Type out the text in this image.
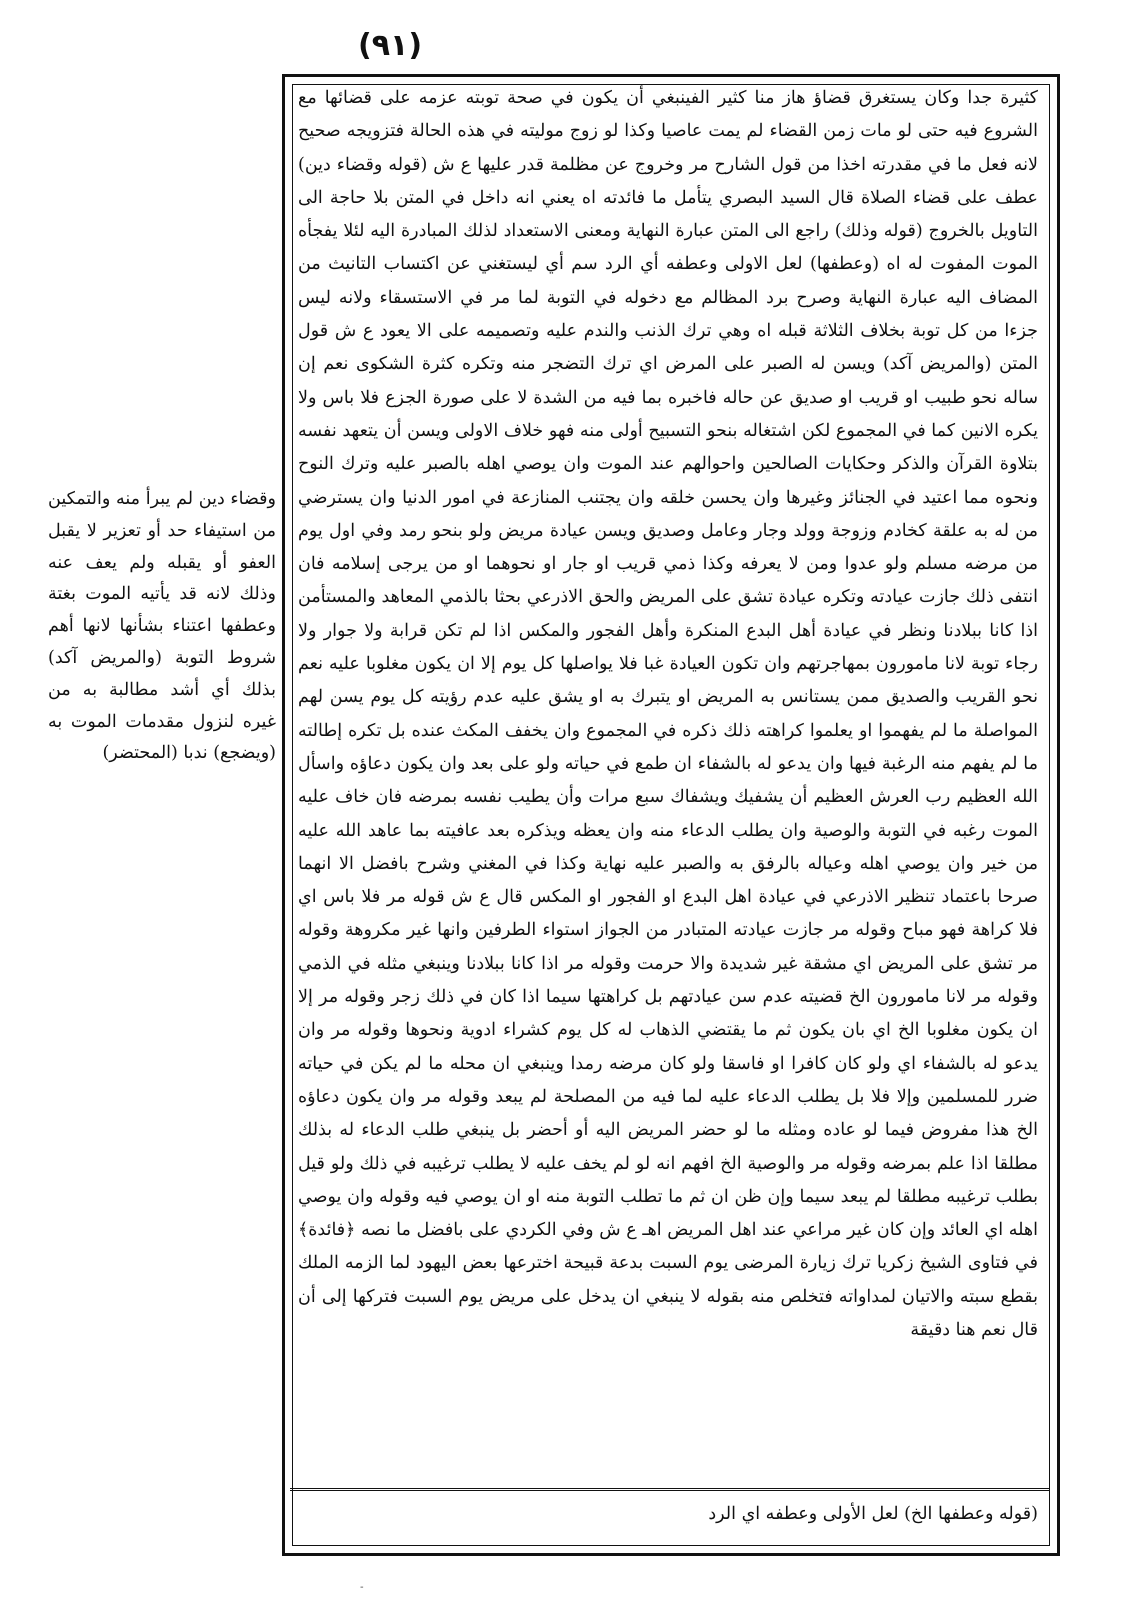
(٩١)

كثيرة جدا وكان يستغرق قضاؤ هاز منا كثير الفينبغي أن يكون في صحة توبته عزمه على قضائها مع الشروع فيه حتى لو مات زمن القضاء لم يمت عاصيا وكذا لو زوج موليته في هذه الحالة فتزويجه صحيح لانه فعل ما في مقدرته اخذا من قول الشارح مر وخروج عن مظلمة قدر عليها ع ش (قوله وقضاء دين) عطف على قضاء الصلاة قال السيد البصري يتأمل ما فائدته اه يعني انه داخل في المتن بلا حاجة الى التاويل بالخروج (قوله وذلك) راجع الى المتن عبارة النهاية ومعنى الاستعداد لذلك المبادرة اليه لئلا يفجأه الموت المفوت له اه (وعطفها) لعل الاولى وعطفه أي الرد سم أي ليستغني عن اكتساب التانيث من المضاف اليه عبارة النهاية وصرح برد المظالم مع دخوله في التوبة لما مر في الاستسقاء ولانه ليس جزءا من كل توبة بخلاف الثلاثة قبله اه وهي ترك الذنب والندم عليه وتصميمه على الا يعود ع ش قول المتن (والمريض آكد) ويسن له الصبر على المرض اي ترك التضجر منه وتكره كثرة الشكوى نعم إن ساله نحو طبيب او قريب او صديق عن حاله فاخبره بما فيه من الشدة لا على صورة الجزع فلا باس ولا يكره الانين كما في المجموع لكن اشتغاله بنحو التسبيح أولى منه فهو خلاف الاولى ويسن أن يتعهد نفسه بتلاوة القرآن والذكر وحكايات الصالحين واحوالهم عند الموت وان يوصي اهله بالصبر عليه وترك النوح ونحوه مما اعتيد في الجنائز وغيرها وان يحسن خلقه وان يجتنب المنازعة في امور الدنيا وان يسترضي من له به علقة كخادم وزوجة وولد وجار وعامل وصديق ويسن عيادة مريض ولو بنحو رمد وفي اول يوم من مرضه مسلم ولو عدوا ومن لا يعرفه وكذا ذمي قريب او جار او نحوهما او من يرجى إسلامه فان انتفى ذلك جازت عيادته وتكره عيادة تشق على المريض والحق الاذرعي بحثا بالذمي المعاهد والمستأمن اذا كانا ببلادنا ونظر في عيادة أهل البدع المنكرة وأهل الفجور والمكس اذا لم تكن قرابة ولا جوار ولا رجاء توبة لانا مامورون بمهاجرتهم وان تكون العيادة غبا فلا يواصلها كل يوم إلا ان يكون مغلوبا عليه نعم نحو القريب والصديق ممن يستانس به المريض او يتبرك به او يشق عليه عدم رؤيته كل يوم يسن لهم المواصلة ما لم يفهموا او يعلموا كراهته ذلك ذكره في المجموع وان يخفف المكث عنده بل تكره إطالته ما لم يفهم منه الرغبة فيها وان يدعو له بالشفاء ان طمع في حياته ولو على بعد وان يكون دعاؤه واسأل الله العظيم رب العرش العظيم أن يشفيك ويشفاك سبع مرات وأن يطيب نفسه بمرضه فان خاف عليه الموت رغبه في التوبة والوصية وان يطلب الدعاء منه وان يعظه ويذكره بعد عافيته بما عاهد الله عليه من خير وان يوصي اهله وعياله بالرفق به والصبر عليه نهاية وكذا في المغني وشرح بافضل الا انهما صرحا باعتماد تنظير الاذرعي في عيادة اهل البدع او الفجور او المكس قال ع ش قوله مر فلا باس اي فلا كراهة فهو مباح وقوله مر جازت عيادته المتبادر من الجواز استواء الطرفين وانها غير مكروهة وقوله مر تشق على المريض اي مشقة غير شديدة والا حرمت وقوله مر اذا كانا ببلادنا وينبغي مثله في الذمي وقوله مر لانا مامورون الخ قضيته عدم سن عيادتهم بل كراهتها سيما اذا كان في ذلك زجر وقوله مر إلا ان يكون مغلوبا الخ اي بان يكون ثم ما يقتضي الذهاب له كل يوم كشراء ادوية ونحوها وقوله مر وان يدعو له بالشفاء اي ولو كان كافرا او فاسقا ولو كان مرضه رمدا وينبغي ان محله ما لم يكن في حياته ضرر للمسلمين وإلا فلا بل يطلب الدعاء عليه لما فيه من المصلحة لم يبعد وقوله مر وان يكون دعاؤه الخ هذا مفروض فيما لو عاده ومثله ما لو حضر المريض اليه أو أحضر بل ينبغي طلب الدعاء له بذلك مطلقا اذا علم بمرضه وقوله مر والوصية الخ افهم انه لو لم يخف عليه لا يطلب ترغيبه في ذلك ولو قيل بطلب ترغيبه مطلقا لم يبعد سيما وإن ظن ان ثم ما تطلب التوبة منه او ان يوصي فيه وقوله وان يوصي اهله اي العائد وإن كان غير مراعي عند اهل المريض اهـ ع ش وفي الكردي على بافضل ما نصه ﴿فائدة﴾ في فتاوى الشيخ زكريا ترك زيارة المرضى يوم السبت بدعة قبيحة اخترعها بعض اليهود لما الزمه الملك بقطع سبته والاتيان لمداواته فتخلص منه بقوله لا ينبغي ان يدخل على مريض يوم السبت فتركها إلى أن قال نعم هنا دقيقة

(قوله وعطفها الخ) لعل الأولى وعطفه اي الرد

وقضاء دين لم يبرأ منه والتمكين من استيفاء حد أو تعزير لا يقبل العفو أو يقبله ولم يعف عنه وذلك لانه قد يأتيه الموت بغتة وعطفها اعتناء بشأنها لانها أهم شروط التوبة (والمريض آكد) بذلك أي أشد مطالبة به من غيره لنزول مقدمات الموت به (ويضجع) ندبا (المحتضر)

-
